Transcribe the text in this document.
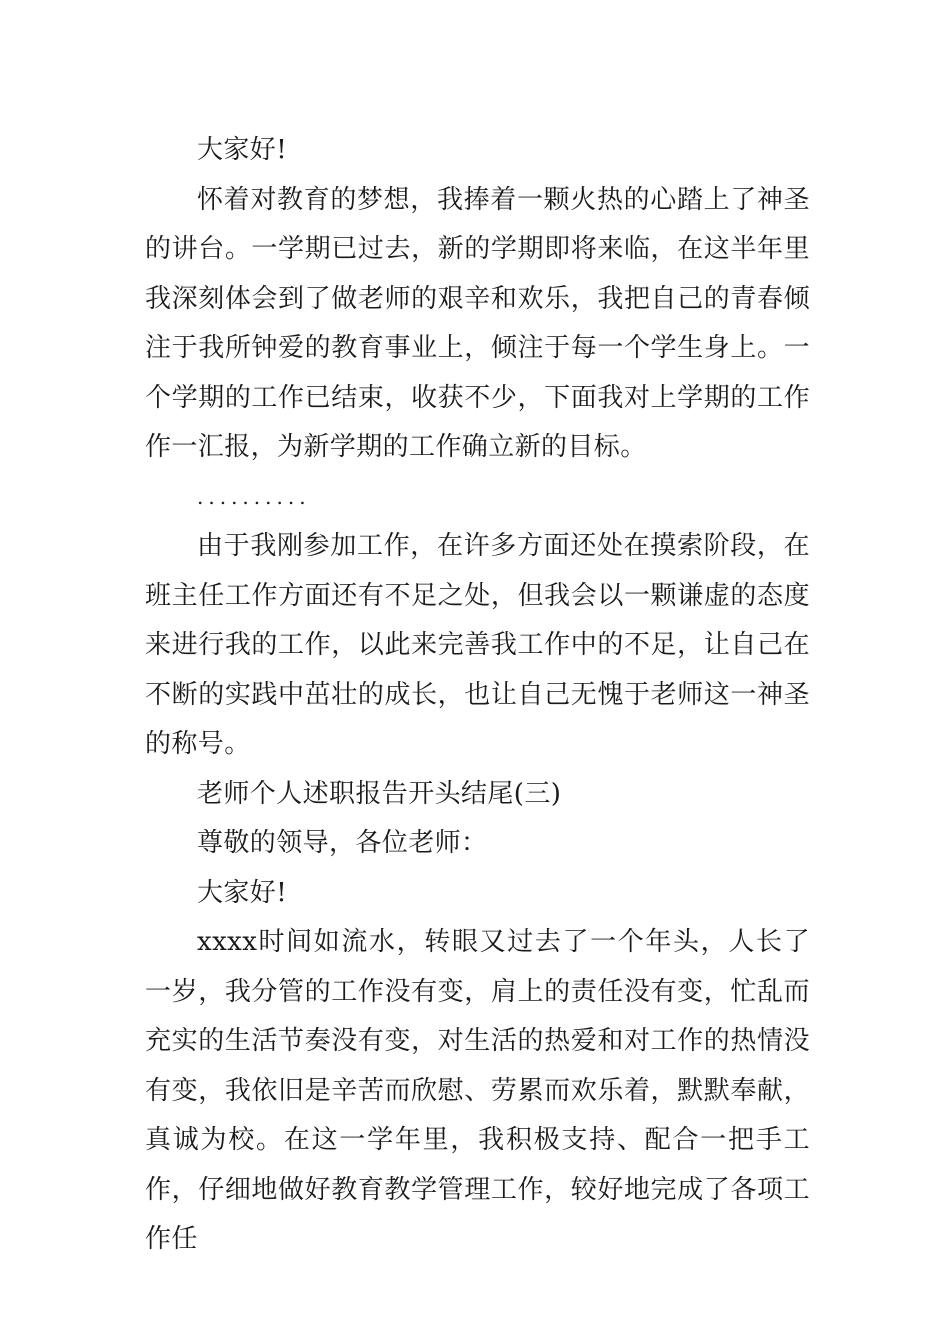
大家好!

怀着对教育的梦想，我捧着一颗火热的心踏上了神圣的讲台。一学期已过去，新的学期即将来临，在这半年里我深刻体会到了做老师的艰辛和欢乐，我把自己的青春倾注于我所钟爱的教育事业上，倾注于每一个学生身上。一个学期的工作已结束，收获不少，下面我对上学期的工作作一汇报，为新学期的工作确立新的目标。

..........

由于我刚参加工作，在许多方面还处在摸索阶段，在班主任工作方面还有不足之处，但我会以一颗谦虚的态度来进行我的工作，以此来完善我工作中的不足，让自己在不断的实践中茁壮的成长，也让自己无愧于老师这一神圣的称号。

老师个人述职报告开头结尾(三)

尊敬的领导，各位老师：

大家好!

xxxx时间如流水，转眼又过去了一个年头，人长了一岁，我分管的工作没有变，肩上的责任没有变，忙乱而充实的生活节奏没有变，对生活的热爱和对工作的热情没有变，我依旧是辛苦而欣慰、劳累而欢乐着，默默奉献，真诚为校。在这一学年里，我积极支持、配合一把手工作，仔细地做好教育教学管理工作，较好地完成了各项工作任
